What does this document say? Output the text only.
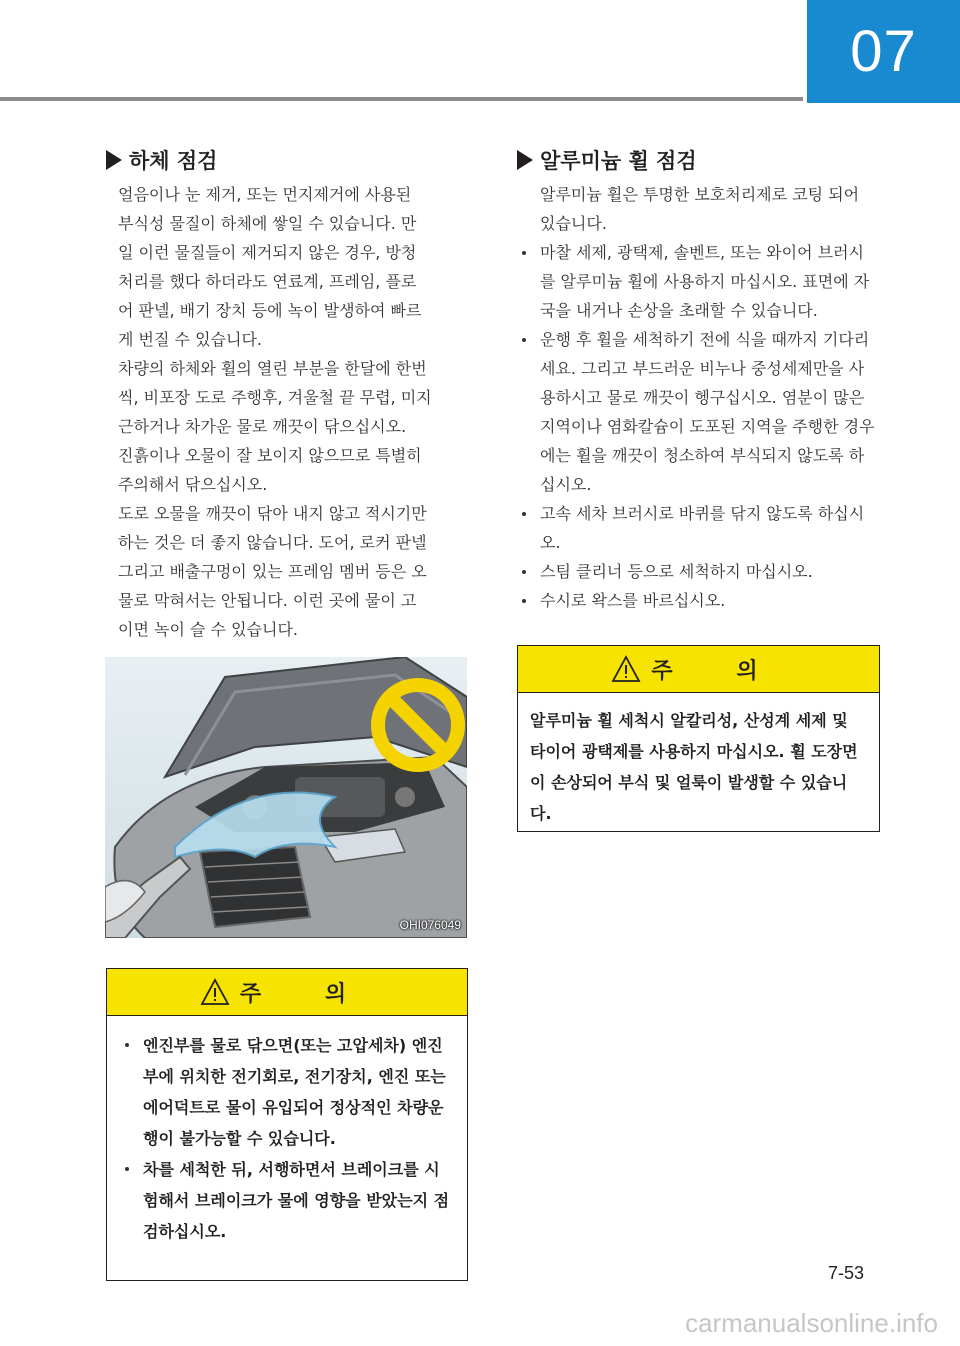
07
하체 점검

얼음이나 눈 제거, 또는 먼지제거에 사용된

부식성 물질이 하체에 쌓일 수 있습니다. 만

일 이런 물질들이 제거되지 않은 경우, 방청

처리를 했다 하더라도 연료계, 프레임, 플로

어 판넬, 배기 장치 등에 녹이 발생하여 빠르

게 번질 수 있습니다.

차량의 하체와 휠의 열린 부분을 한달에 한번

씩, 비포장 도로 주행후, 겨울철 끝 무렵, 미지

근하거나 차가운 물로 깨끗이 닦으십시오.

진흙이나 오물이 잘 보이지 않으므로 특별히

주의해서 닦으십시오.

도로 오물을 깨끗이 닦아 내지 않고 적시기만

하는 것은 더 좋지 않습니다. 도어, 로커 판넬

그리고 배출구멍이 있는 프레임 멤버 등은 오

물로 막혀서는 안됩니다. 이런 곳에 물이 고

이면 녹이 슬 수 있습니다.

OHI076049
주 의
엔진부를 물로 닦으면(또는 고압세차) 엔진부에 위치한 전기회로, 전기장치, 엔진 또는 에어덕트로 물이 유입되어 정상적인 차량운행이 불가능할 수 있습니다.
차를 세척한 뒤, 서행하면서 브레이크를 시험해서 브레이크가 물에 영향을 받았는지 점검하십시오.
알루미늄 휠 점검

알루미늄 휠은 투명한 보호처리제로 코팅 되어 있습니다.

마찰 세제, 광택제, 솔벤트, 또는 와이어 브러시를 알루미늄 휠에 사용하지 마십시오. 표면에 자국을 내거나 손상을 초래할 수 있습니다.
운행 후 휠을 세척하기 전에 식을 때까지 기다리세요. 그리고 부드러운 비누나 중성세제만을 사용하시고 물로 깨끗이 헹구십시오. 염분이 많은 지역이나 염화칼슘이 도포된 지역을 주행한 경우에는 휠을 깨끗이 청소하여 부식되지 않도록 하십시오.
고속 세차 브러시로 바퀴를 닦지 않도록 하십시오.
스팀 클리너 등으로 세척하지 마십시오.
수시로 왁스를 바르십시오.
주 의

알루미늄 휠 세척시 알칼리성, 산성계 세제 및 타이어 광택제를 사용하지 마십시오. 휠 도장면이 손상되어 부식 및 얼룩이 발생할 수 있습니다.

7-53
carmanualsonline.info
